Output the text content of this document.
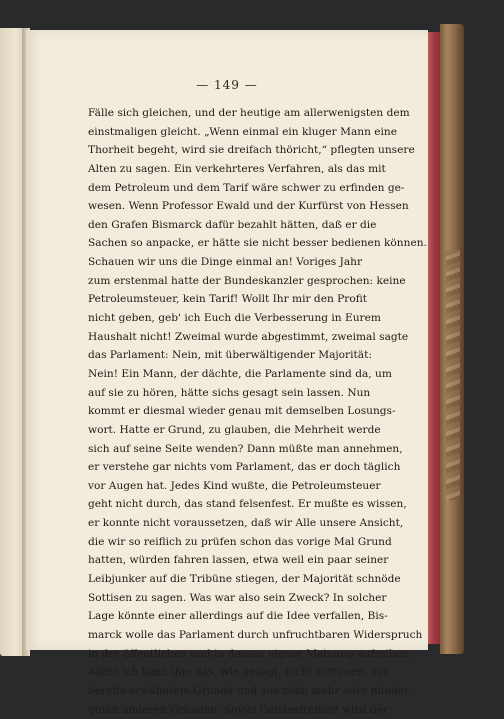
— 149 —
Fälle sich gleichen, und der heutige am allerwenigsten dem
einstmaligen gleicht. „Wenn einmal ein kluger Mann eine
Thorheit begeht, wird sie dreifach thöricht,“ pflegten unsere
Alten zu sagen. Ein verkehrteres Verfahren, als das mit
dem Petroleum und dem Tarif wäre schwer zu erfinden ge-
wesen. Wenn Professor Ewald und der Kurfürst von Hessen
den Grafen Bismarck dafür bezahlt hätten, daß er die
Sachen so anpacke, er hätte sie nicht besser bedienen können.
Schauen wir uns die Dinge einmal an! Voriges Jahr
zum erstenmal hatte der Bundeskanzler gesprochen: keine
Petroleumsteuer, kein Tarif! Wollt Ihr mir den Profit
nicht geben, geb' ich Euch die Verbesserung in Eurem
Haushalt nicht! Zweimal wurde abgestimmt, zweimal sagte
das Parlament: Nein, mit überwältigender Majorität:
Nein! Ein Mann, der dächte, die Parlamente sind da, um
auf sie zu hören, hätte sichs gesagt sein lassen. Nun
kommt er diesmal wieder genau mit demselben Losungs-
wort. Hatte er Grund, zu glauben, die Mehrheit werde
sich auf seine Seite wenden? Dann müßte man annehmen,
er verstehe gar nichts vom Parlament, das er doch täglich
vor Augen hat. Jedes Kind wußte, die Petroleumsteuer
geht nicht durch, das stand felsenfest. Er mußte es wissen,
er konnte nicht voraussetzen, daß wir Alle unsere Ansicht,
die wir so reiflich zu prüfen schon das vorige Mal Grund
hatten, würden fahren lassen, etwa weil ein paar seiner
Leibjunker auf die Tribüne stiegen, der Majorität schnöde
Sottisen zu sagen. Was war also sein Zweck? In solcher
Lage könnte einer allerdings auf die Idee verfallen, Bis-
marck wolle das Parlament durch unfruchtbaren Widerspruch
in der öffentlichen und in dessen eigner Meinung aufreiben.
Allein ich kann ihm das, wie gesagt, nicht zutrauen, aus
bereits erwähntem Grunde und aus zehn mehr oder minder
guten anderen Gründen. Soviel Geistesfreiheit wird der
